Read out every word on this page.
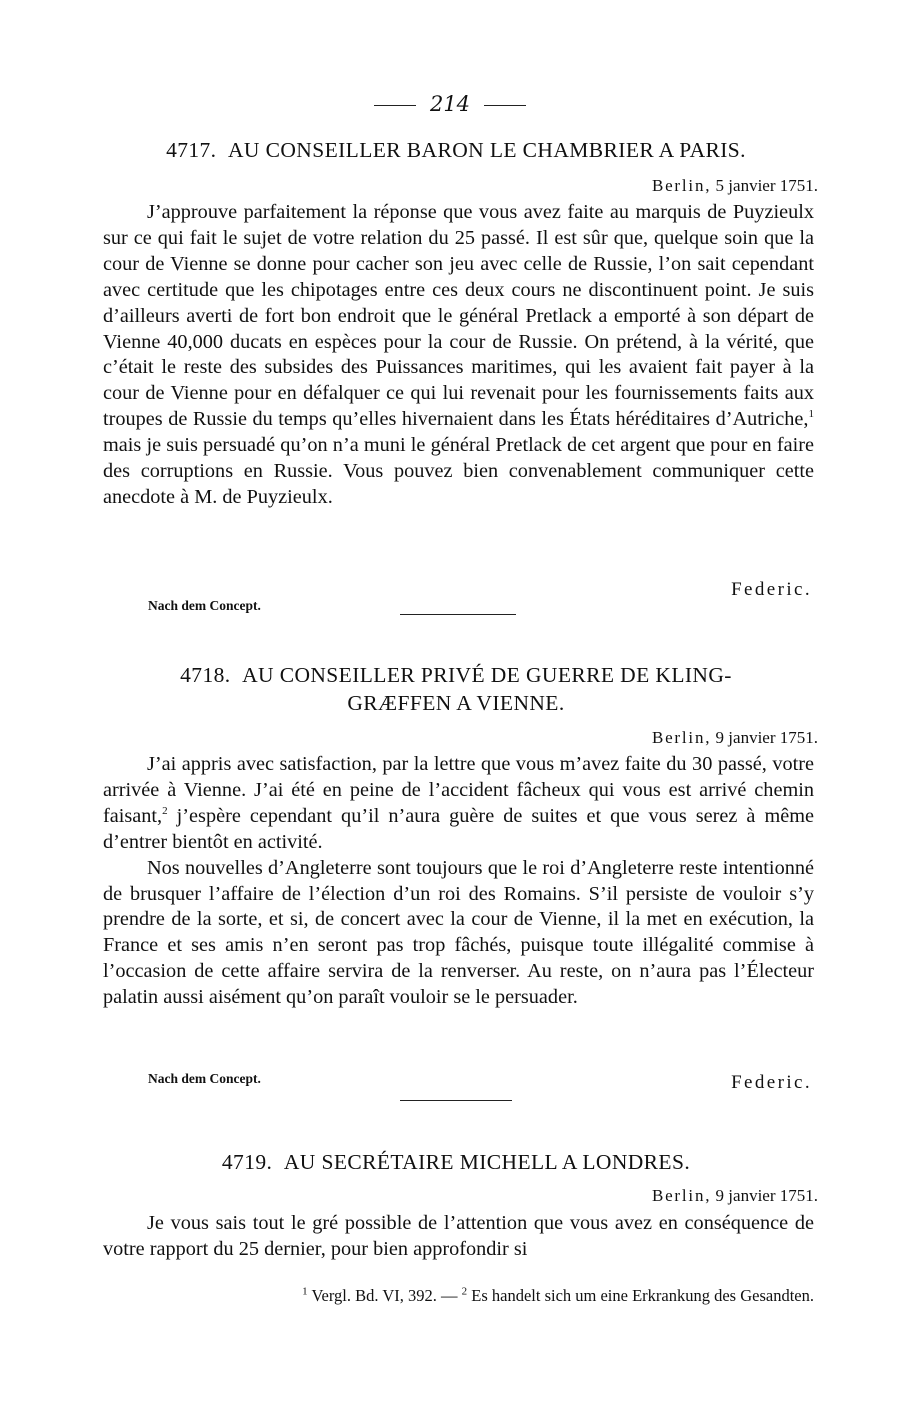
214
4717. AU CONSEILLER BARON LE CHAMBRIER A PARIS.
Berlin, 5 janvier 1751.

J’approuve parfaitement la réponse que vous avez faite au marquis de Puyzieulx sur ce qui fait le sujet de votre relation du 25 passé. Il est sûr que, quelque soin que la cour de Vienne se donne pour cacher son jeu avec celle de Russie, l’on sait cependant avec certitude que les chipotages entre ces deux cours ne discontinuent point. Je suis d’ailleurs averti de fort bon endroit que le général Pretlack a emporté à son départ de Vienne 40,000 ducats en espèces pour la cour de Russie. On prétend, à la vérité, que c’était le reste des subsides des Puissances maritimes, qui les avaient fait payer à la cour de Vienne pour en défalquer ce qui lui revenait pour les fournissements faits aux troupes de Russie du temps qu’elles hivernaient dans les États héréditaires d’Autriche,$^1$ mais je suis persuadé qu’on n’a muni le général Pretlack de cet argent que pour en faire des corruptions en Russie. Vous pouvez bien convenablement communiquer cette anecdote à M. de Puyzieulx.

Federic.
Nach dem Concept.
4718. AU CONSEILLER PRIVÉ DE GUERRE DE KLING-
GRÆFFEN A VIENNE.
Berlin, 9 janvier 1751.

J’ai appris avec satisfaction, par la lettre que vous m’avez faite du 30 passé, votre arrivée à Vienne. J’ai été en peine de l’accident fâcheux qui vous est arrivé chemin faisant,$^2$ j’espère cependant qu’il n’aura guère de suites et que vous serez à même d’entrer bientôt en activité.

Nos nouvelles d’Angleterre sont toujours que le roi d’Angleterre reste intentionné de brusquer l’affaire de l’élection d’un roi des Romains. S’il persiste de vouloir s’y prendre de la sorte, et si, de concert avec la cour de Vienne, il la met en exécution, la France et ses amis n’en seront pas trop fâchés, puisque toute illégalité commise à l’occasion de cette affaire servira de la renverser. Au reste, on n’aura pas l’Électeur palatin aussi aisément qu’on paraît vouloir se le persuader.

Federic.
Nach dem Concept.
4719. AU SECRÉTAIRE MICHELL A LONDRES.
Berlin, 9 janvier 1751.

Je vous sais tout le gré possible de l’attention que vous avez en conséquence de votre rapport du 25 dernier, pour bien approfondir si

$^1$ Vergl. Bd. VI, 392. — $^2$ Es handelt sich um eine Erkrankung des Gesandten.
